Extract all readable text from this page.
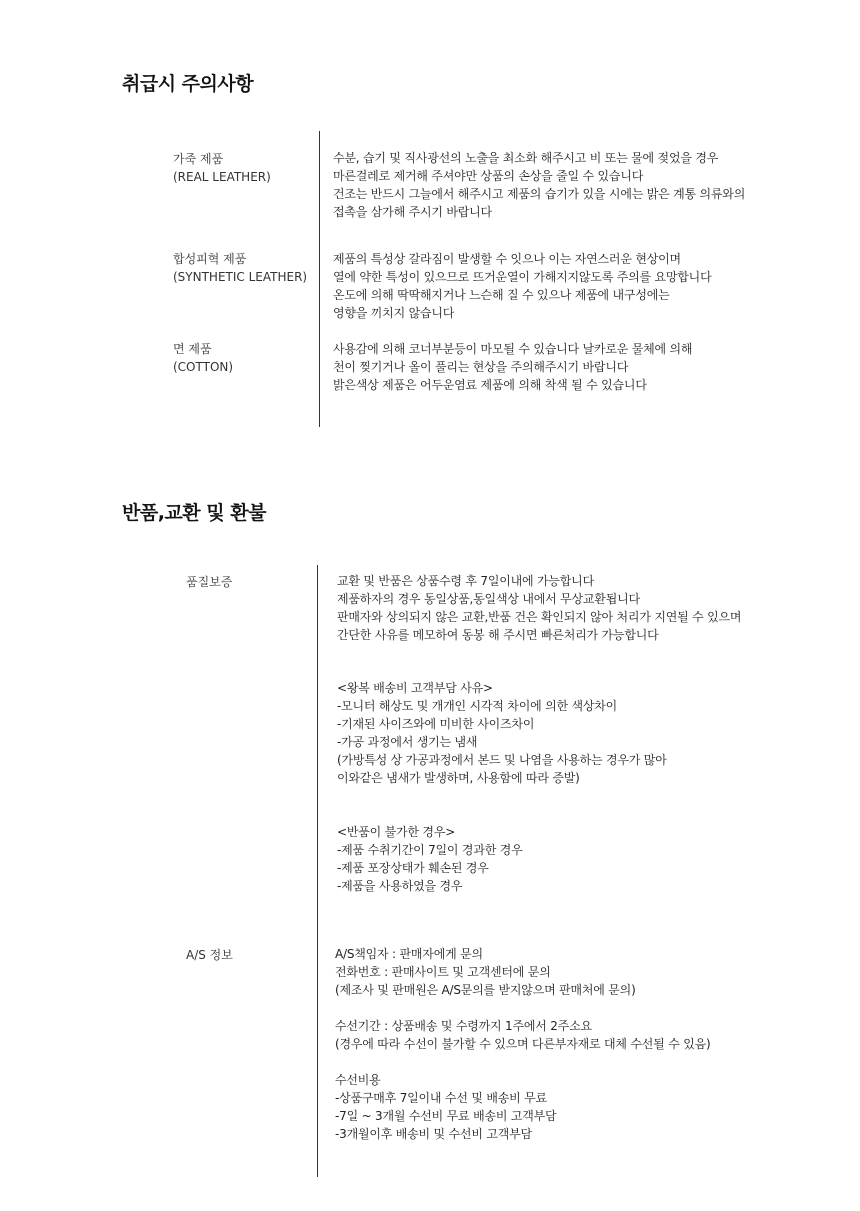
취급시 주의사항
가죽 제품
(REAL LEATHER)
수분, 습기 및 직사광선의 노출을 최소화 해주시고 비 또는 물에 젖었을 경우
마른걸레로 제거해 주셔야만 상품의 손상을 줄일 수 있습니다
건조는 반드시 그늘에서 해주시고 제품의 습기가 있을 시에는 밝은 계통 의류와의
접촉을 삼가해 주시기 바랍니다
합성피혁 제품
(SYNTHETIC LEATHER)
제품의 특성상 갈라짐이 발생할 수 잇으나 이는 자연스러운 현상이며
열에 약한 특성이 있으므로 뜨거운열이 가해지지않도록 주의를 요망합니다
온도에 의해 딱딱해지거나 느슨해 질 수 있으나 제품에 내구성에는
영향을 끼치지 않습니다
면 제품
(COTTON)
사용감에 의해 코너부분등이 마모될 수 있습니다 날카로운 물체에 의해
천이 찢기거나 올이 풀리는 현상을 주의해주시기 바랍니다
밝은색상 제품은 어두운염료 제품에 의해 착색 될 수 있습니다
반품,교환 및 환불
품질보증	교환 및 반품은 상품수령 후 7일이내에 가능합니다
제품하자의 경우 동일상품,동일색상 내에서 무상교환됩니다
판매자와 상의되지 않은 교환,반품 건은 확인되지 않아 처리가 지연될 수 있으며
간단한 사유를 메모하여 동봉 해 주시면 빠른처리가 가능합니다
<왕복 배송비 고객부담 사유>
-모니터 해상도 및 개개인 시각적 차이에 의한 색상차이
-기재된 사이즈와에 미비한 사이즈차이
-가공 과정에서 생기는 냄새
(가방특성 상 가공과정에서 본드 및 나염을 사용하는 경우가 많아
이와같은 냄새가 발생하며, 사용함에 따라 증발)
<반품이 불가한 경우>
-제품 수취기간이 7일이 경과한 경우
-제품 포장상태가 훼손된 경우
-제품을 사용하였을 경우
A/S 정보	A/S책임자 : 판매자에게 문의
전화번호 : 판매사이트 및 고객센터에 문의
(제조사 및 판매원은 A/S문의를 받지않으며 판매처에 문의)
수선기간 : 상품배송 및 수령까지 1주에서 2주소요
(경우에 따라 수선이 불가할 수 있으며 다른부자재로 대체 수선될 수 있음)
수선비용
-상품구매후 7일이내 수선 및 배송비 무료
-7일 ~ 3개월 수선비 무료 배송비 고객부담
-3개월이후 배송비 및 수선비 고객부담
